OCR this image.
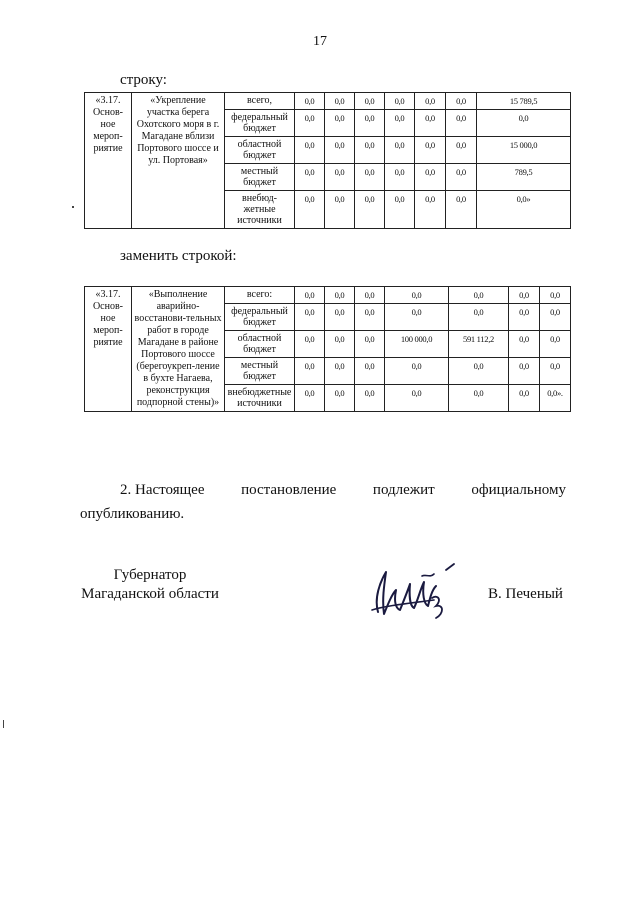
17
строку:
«3.17.
Основ-
ное
мероп-
риятие	«Укрепление участка берега Охотского моря в г. Магадане вблизи Портового шоссе и ул. Портовая»	всего,	0,0	0,0	0,0	0,0	0,0	0,0	15 789,5
		федеральный бюджет	0,0	0,0	0,0	0,0	0,0	0,0	0,0
		областной бюджет	0,0	0,0	0,0	0,0	0,0	0,0	15 000,0
		местный бюджет	0,0	0,0	0,0	0,0	0,0	0,0	789,5
		внебюд-
жетные
источники	0,0	0,0	0,0	0,0	0,0	0,0	0,0»
заменить строкой:
«3.17.
Основ-
ное
мероп-
риятие	«Выполнение аварийно-восстанови-тельных работ в городе Магадане в районе Портового шоссе (берегоукреп-ление в бухте Нагаева, реконструкция подпорной стены)»	всего:	0,0	0,0	0,0	0,0	0,0	0,0	0,0
		федеральный бюджет	0,0	0,0	0,0	0,0	0,0	0,0	0,0
		областной бюджет	0,0	0,0	0,0	100 000,0	591 112,2	0,0	0,0
		местный бюджет	0,0	0,0	0,0	0,0	0,0	0,0	0,0
		внебюджетные источники	0,0	0,0	0,0	0,0	0,0	0,0	0,0».
2. Настоящее постановление подлежит официальному
опубликованию.
Губернатор
Магаданской области	В. Печеный
